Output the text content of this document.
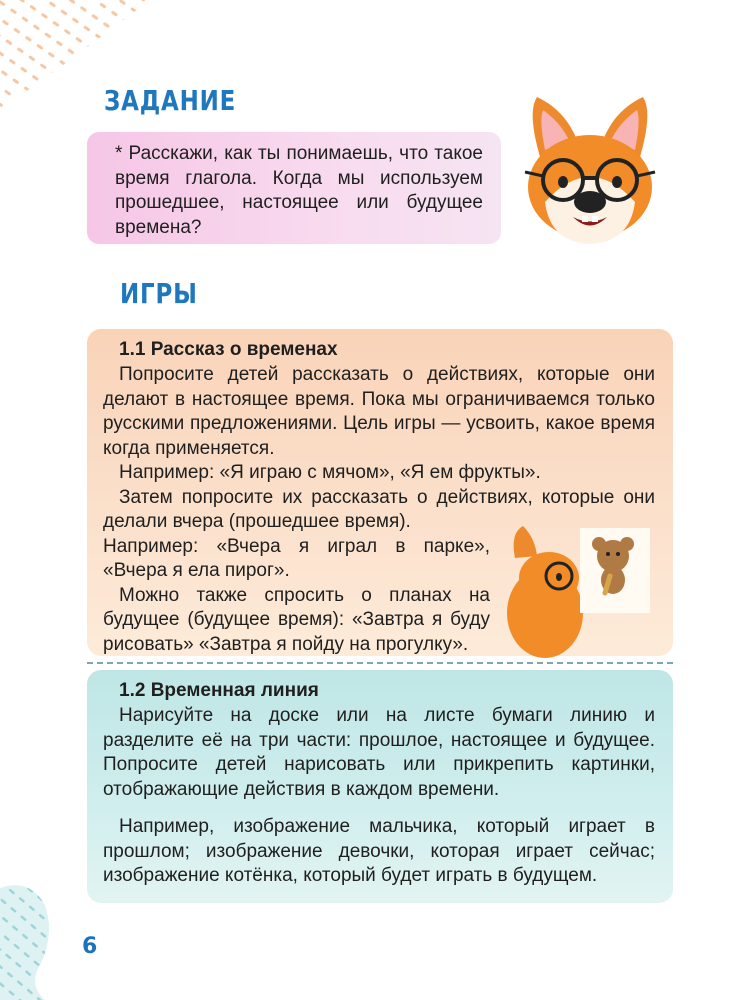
ЗАДАНИЕ
ИГРЫ

* Расскажи, как ты понимаешь, что такое время глагола. Когда мы используем прошедшее, настоящее или будущее времена?

1.1 Рассказ о временах

Попросите детей рассказать о действиях, которые они делают в настоящее время. Пока мы ограничиваемся только русскими предложениями. Цель игры — усвоить, какое время когда применяется.

Например: «Я играю с мячом», «Я ем фрукты».

Затем попросите их рассказать о действиях, которые они делали вчера (прошедшее время).

Например: «Вчера я играл в парке», «Вчера я ела пирог».

Можно также спросить о планах на будущее (будущее время): «Завтра я буду рисовать» «Завтра я пойду на прогулку».

1.2 Временная линия

Нарисуйте на доске или на листе бумаги линию и разделите её на три части: прошлое, настоящее и будущее. Попросите детей нарисовать или прикрепить картинки, отображающие действия в каждом времени.

Например, изображение мальчика, который играет в прошлом; изображение девочки, которая играет сейчас; изображение котёнка, который будет играть в будущем.

6
